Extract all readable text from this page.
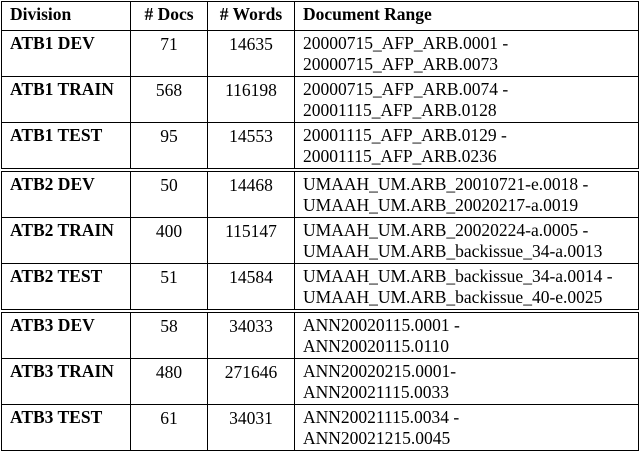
Division	# Docs	# Words	Document Range
ATB1 DEV	71	14635	20000715_AFP_ARB.0001 -
20000715_AFP_ARB.0073

ATB1 TRAIN	568	116198	20000715_AFP_ARB.0074 -
20001115_AFP_ARB.0128

ATB1 TEST	95	14553	20001115_AFP_ARB.0129 -
20001115_AFP_ARB.0236

ATB2 DEV	50	14468	UMAAH_UM.ARB_20010721-e.0018 -
UMAAH_UM.ARB_20020217-a.0019

ATB2 TRAIN	400	115147	UMAAH_UM.ARB_20020224-a.0005 -
UMAAH_UM.ARB_backissue_34-a.0013

ATB2 TEST	51	14584	UMAAH_UM.ARB_backissue_34-a.0014 -
UMAAH_UM.ARB_backissue_40-e.0025

ATB3 DEV	58	34033	ANN20020115.0001 -
ANN20020115.0110

ATB3 TRAIN	480	271646	ANN20020215.0001-
ANN20021115.0033

ATB3 TEST	61	34031	ANN20021115.0034 -
ANN20021215.0045
